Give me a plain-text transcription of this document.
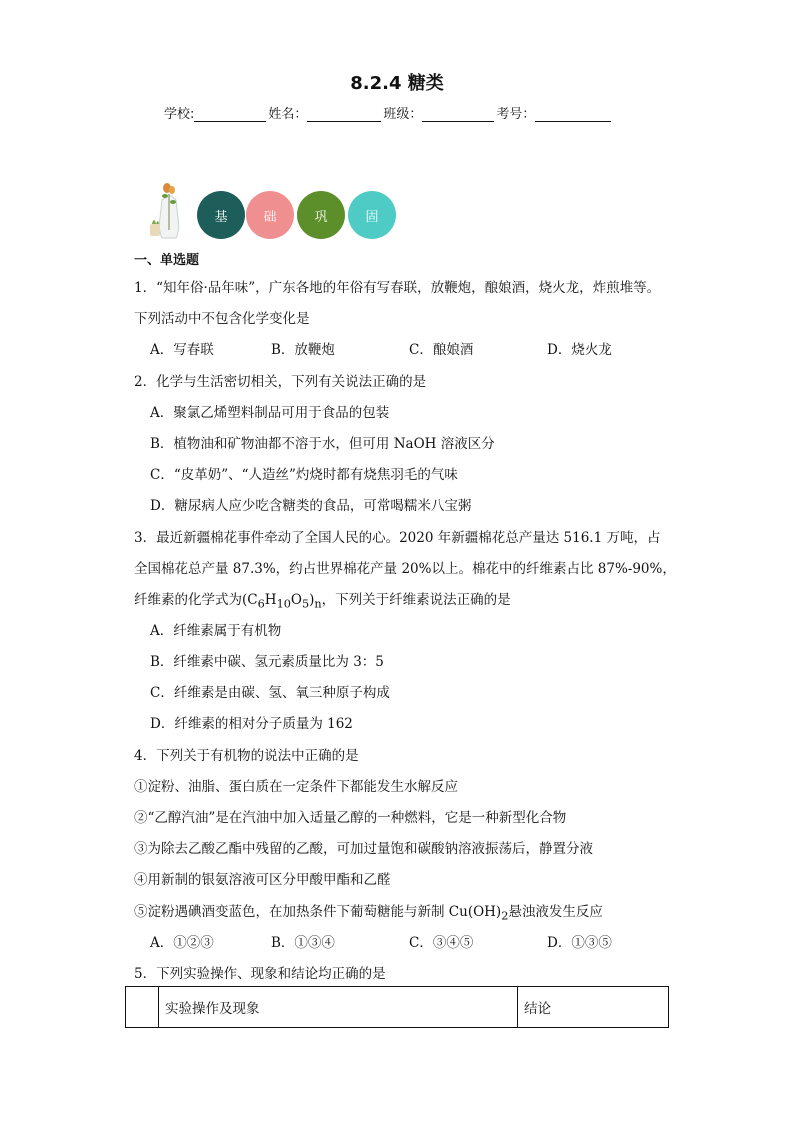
8.2.4 糖类
学校:	姓名：	班级：	考号：
基	础	巩	固
一、单选题
1．“知年俗·品年味”，广东各地的年俗有写春联，放鞭炮，酿娘酒，烧火龙，炸煎堆等。
下列活动中不包含化学变化是
A．写春联	B．放鞭炮	C．酿娘酒	D．烧火龙
2．化学与生活密切相关，下列有关说法正确的是
A．聚氯乙烯塑料制品可用于食品的包装
B．植物油和矿物油都不溶于水，但可用 NaOH 溶液区分
C．“皮革奶”、“人造丝”灼烧时都有烧焦羽毛的气味
D．糖尿病人应少吃含糖类的食品，可常喝糯米八宝粥
3．最近新疆棉花事件牵动了全国人民的心。2020 年新疆棉花总产量达 516.1 万吨，占
全国棉花总产量 87.3%，约占世界棉花产量 20%以上。棉花中的纤维素占比 87%-90%，
纤维素的化学式为$(C_6H_{10}O_5)_n$，下列关于纤维素说法正确的是
A．纤维素属于有机物
B．纤维素中碳、氢元素质量比为 3：5
C．纤维素是由碳、氢、氧三种原子构成
D．纤维素的相对分子质量为 162
4．下列关于有机物的说法中正确的是
①淀粉、油脂、蛋白质在一定条件下都能发生水解反应
②“乙醇汽油”是在汽油中加入适量乙醇的一种燃料，它是一种新型化合物
③为除去乙酸乙酯中残留的乙酸，可加过量饱和碳酸钠溶液振荡后，静置分液
④用新制的银氨溶液可区分甲酸甲酯和乙醛
⑤淀粉遇碘酒变蓝色，在加热条件下葡萄糖能与新制 $Cu(OH)_2$悬浊液发生反应
A．①②③	B．①③④	C．③④⑤	D．①③⑤
5．下列实验操作、现象和结论均正确的是
	实验操作及现象	结论
